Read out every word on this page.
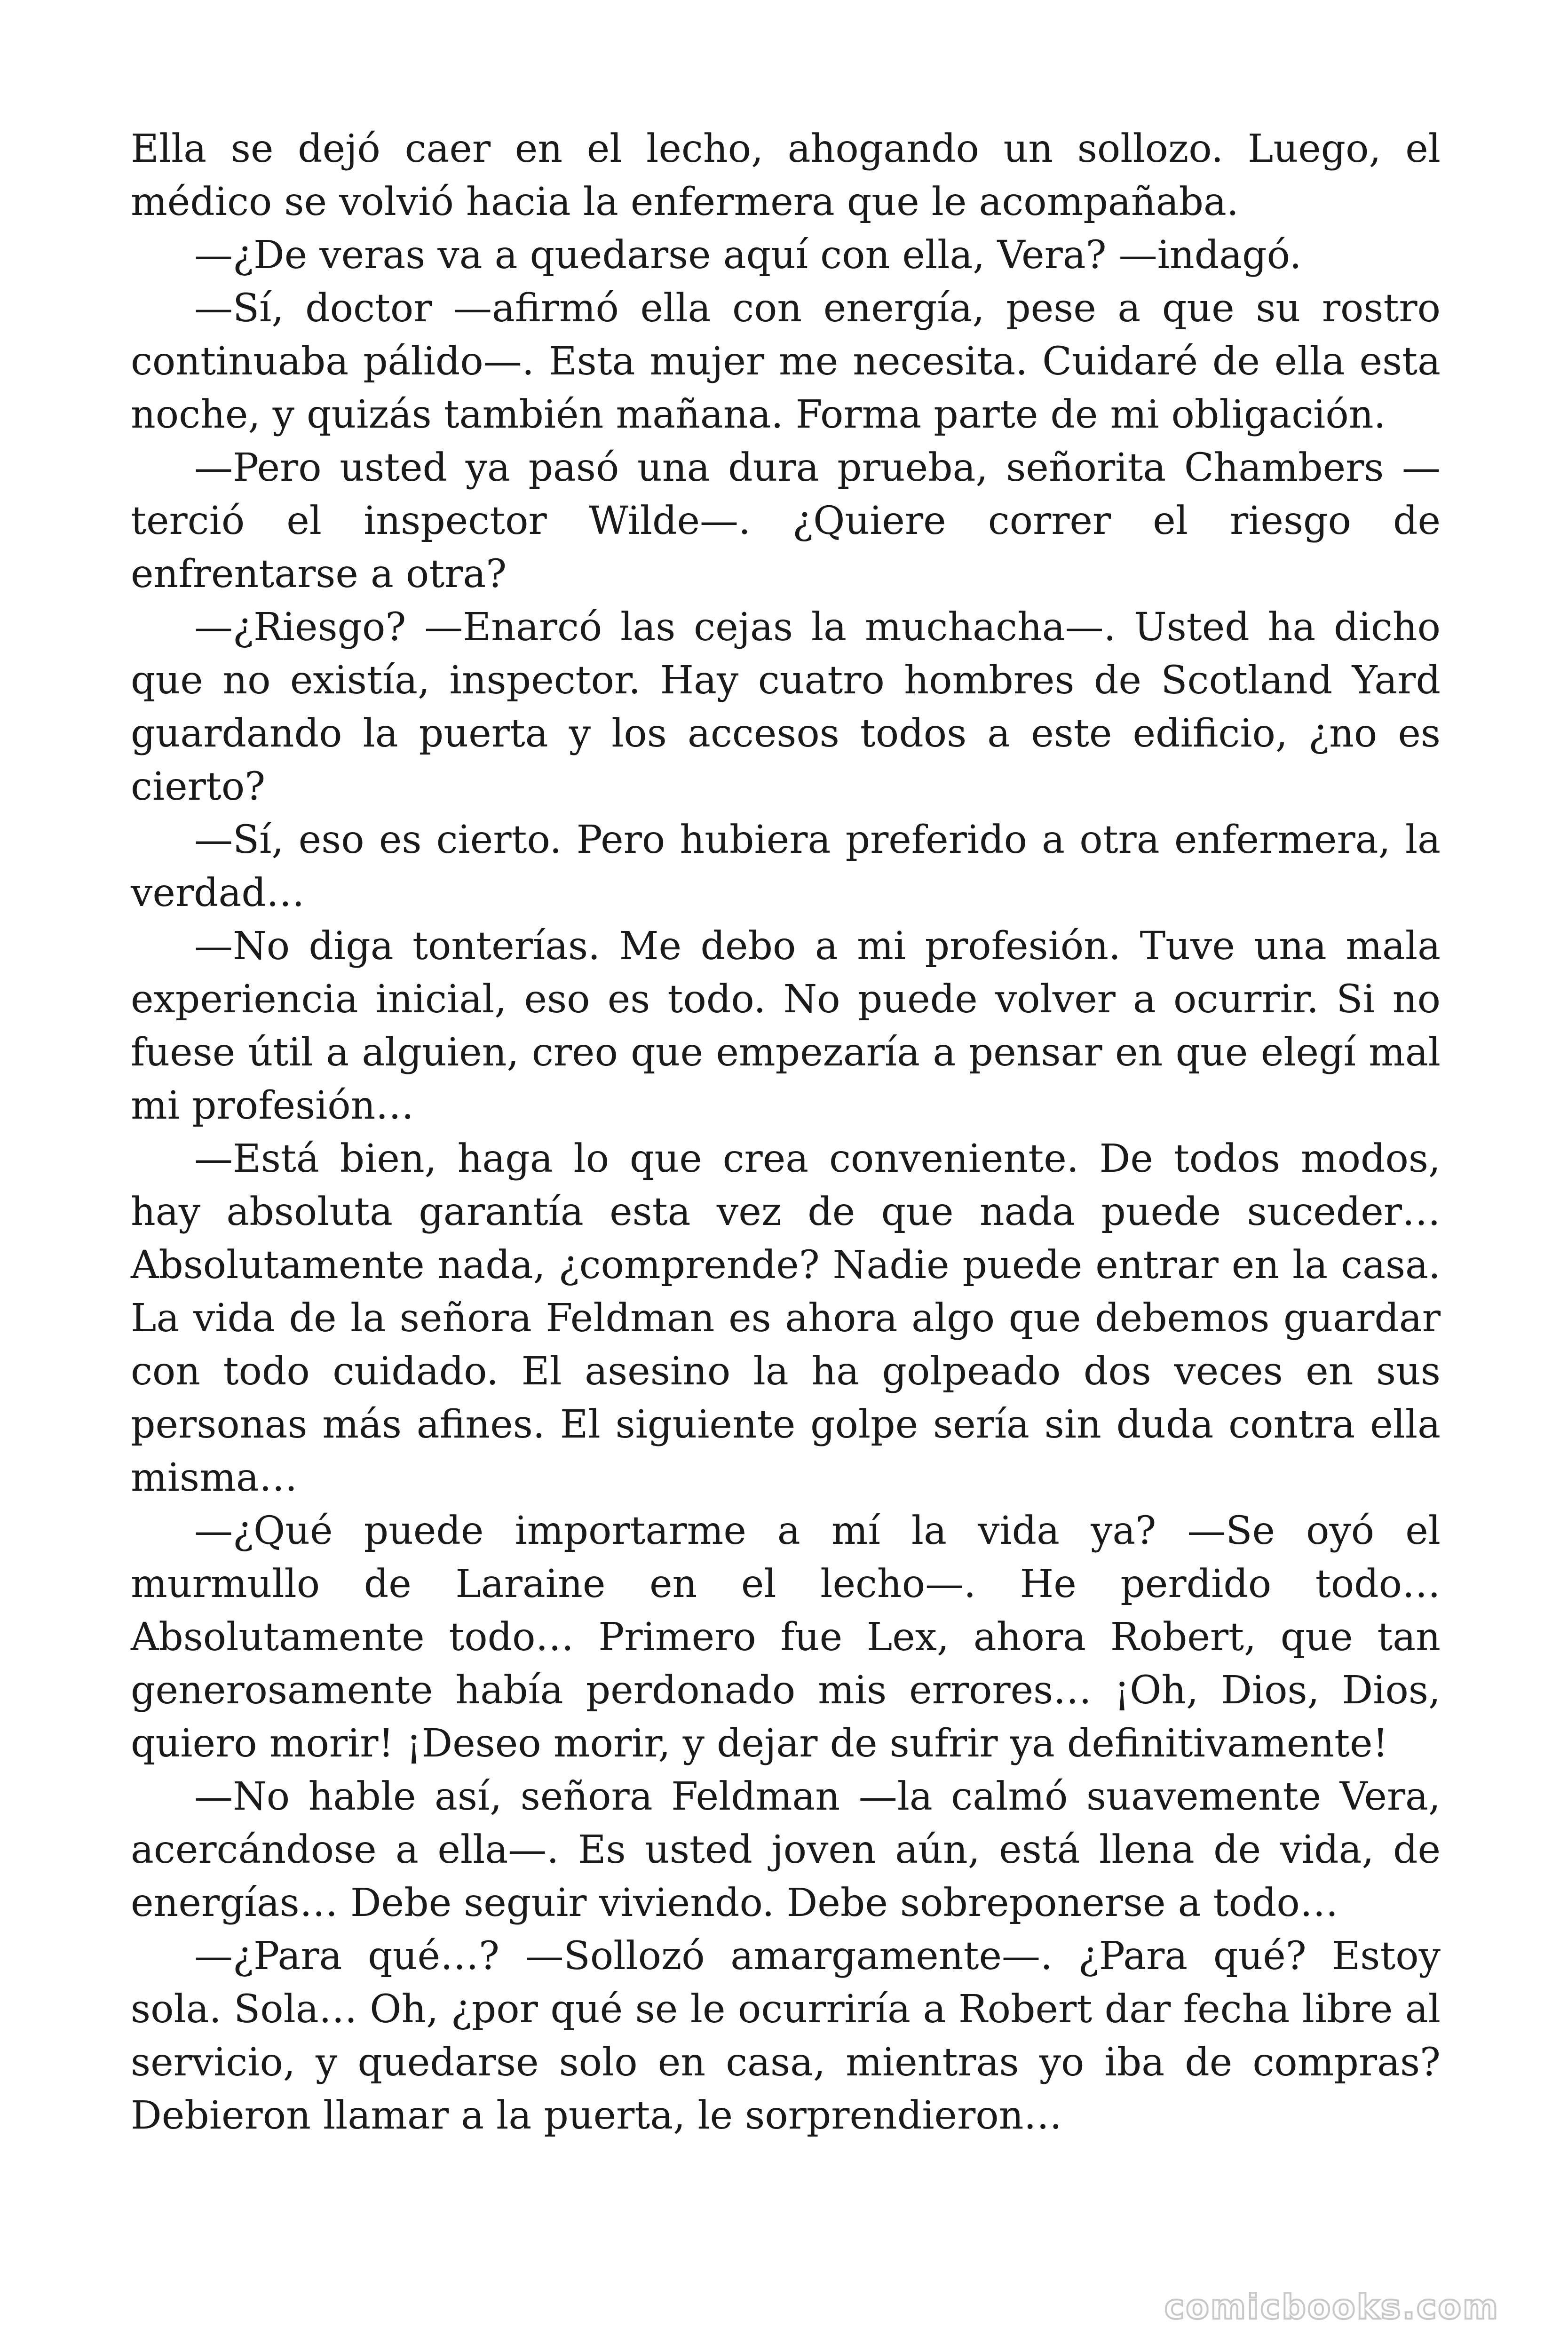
Ella se dejó caer en el lecho, ahogando un sollozo. Luego, el médico se volvió hacia la enfermera que le acompañaba.

—¿De veras va a quedarse aquí con ella, Vera? —indagó.

—Sí, doctor —afirmó ella con energía, pese a que su rostro continuaba pálido—. Esta mujer me necesita. Cuidaré de ella esta noche, y quizás también mañana. Forma parte de mi obligación.

—Pero usted ya pasó una dura prueba, señorita Chambers —terció el inspector Wilde—. ¿Quiere correr el riesgo de enfrentarse a otra?

—¿Riesgo? —Enarcó las cejas la muchacha—. Usted ha dicho que no existía, inspector. Hay cuatro hombres de Scotland Yard guardando la puerta y los accesos todos a este edificio, ¿no es cierto?

—Sí, eso es cierto. Pero hubiera preferido a otra enfermera, la verdad…

—No diga tonterías. Me debo a mi profesión. Tuve una mala experiencia inicial, eso es todo. No puede volver a ocurrir. Si no fuese útil a alguien, creo que empezaría a pensar en que elegí mal mi profesión…

—Está bien, haga lo que crea conveniente. De todos modos, hay absoluta garantía esta vez de que nada puede suceder… Absolutamente nada, ¿comprende? Nadie puede entrar en la casa. La vida de la señora Feldman es ahora algo que debemos guardar con todo cuidado. El asesino la ha golpeado dos veces en sus personas más afines. El siguiente golpe sería sin duda contra ella misma…

—¿Qué puede importarme a mí la vida ya? —Se oyó el murmullo de Laraine en el lecho—. He perdido todo… Absolutamente todo… Primero fue Lex, ahora Robert, que tan generosamente había perdonado mis errores… ¡Oh, Dios, Dios, quiero morir! ¡Deseo morir, y dejar de sufrir ya definitivamente!

—No hable así, señora Feldman —la calmó suavemente Vera, acercándose a ella—. Es usted joven aún, está llena de vida, de energías… Debe seguir viviendo. Debe sobreponerse a todo…

—¿Para qué…? —Sollozó amargamente—. ¿Para qué? Estoy sola. Sola… Oh, ¿por qué se le ocurriría a Robert dar fecha libre al servicio, y quedarse solo en casa, mientras yo iba de compras? Debieron llamar a la puerta, le sorprendieron…

comicbooks.com
